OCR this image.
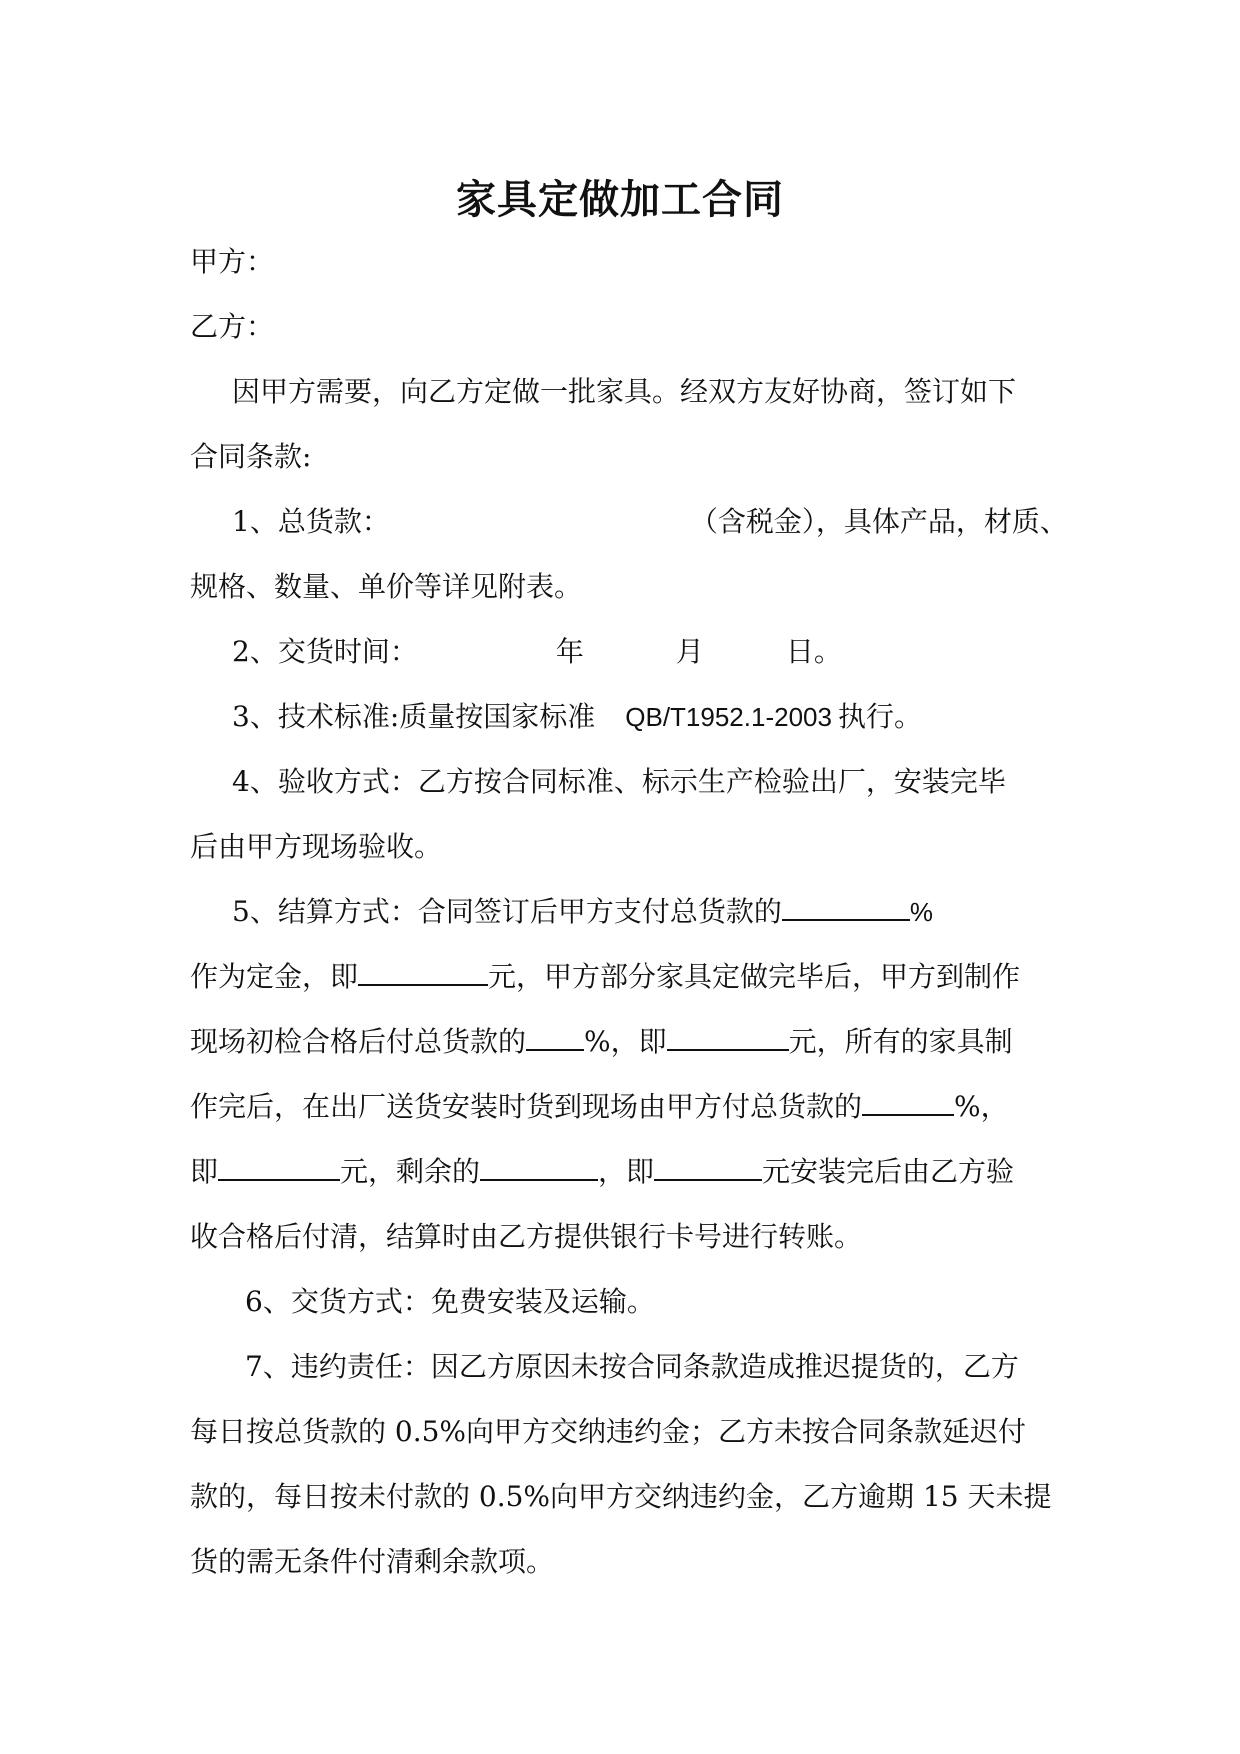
家具定做加工合同
甲方：
乙方：
因甲方需要，向乙方定做一批家具。经双方友好协商，签订如下
合同条款:
1、总货款：	（含税金），具体产品，材质、
规格、数量、单价等详见附表。
2、交货时间：	年	月	日。
3、技术标准:质量按国家标准 QB/T1952.1-2003 执行。
4、验收方式：乙方按合同标准、标示生产检验出厂，安装完毕
后由甲方现场验收。
5、结算方式：合同签订后甲方支付总货款的	%
作为定金，即	元，甲方部分家具定做完毕后，甲方到制作
现场初检合格后付总货款的 %，即	元，所有的家具制
作完后，在出厂送货安装时货到现场由甲方付总货款的	%，
即	元，剩余的	，即	元安装完后由乙方验
收合格后付清，结算时由乙方提供银行卡号进行转账。
6、交货方式：免费安装及运输。
7、违约责任：因乙方原因未按合同条款造成推迟提货的，乙方
每日按总货款的 0.5%向甲方交纳违约金；乙方未按合同条款延迟付
款的，每日按未付款的 0.5%向甲方交纳违约金，乙方逾期 15 天未提
货的需无条件付清剩余款项。
